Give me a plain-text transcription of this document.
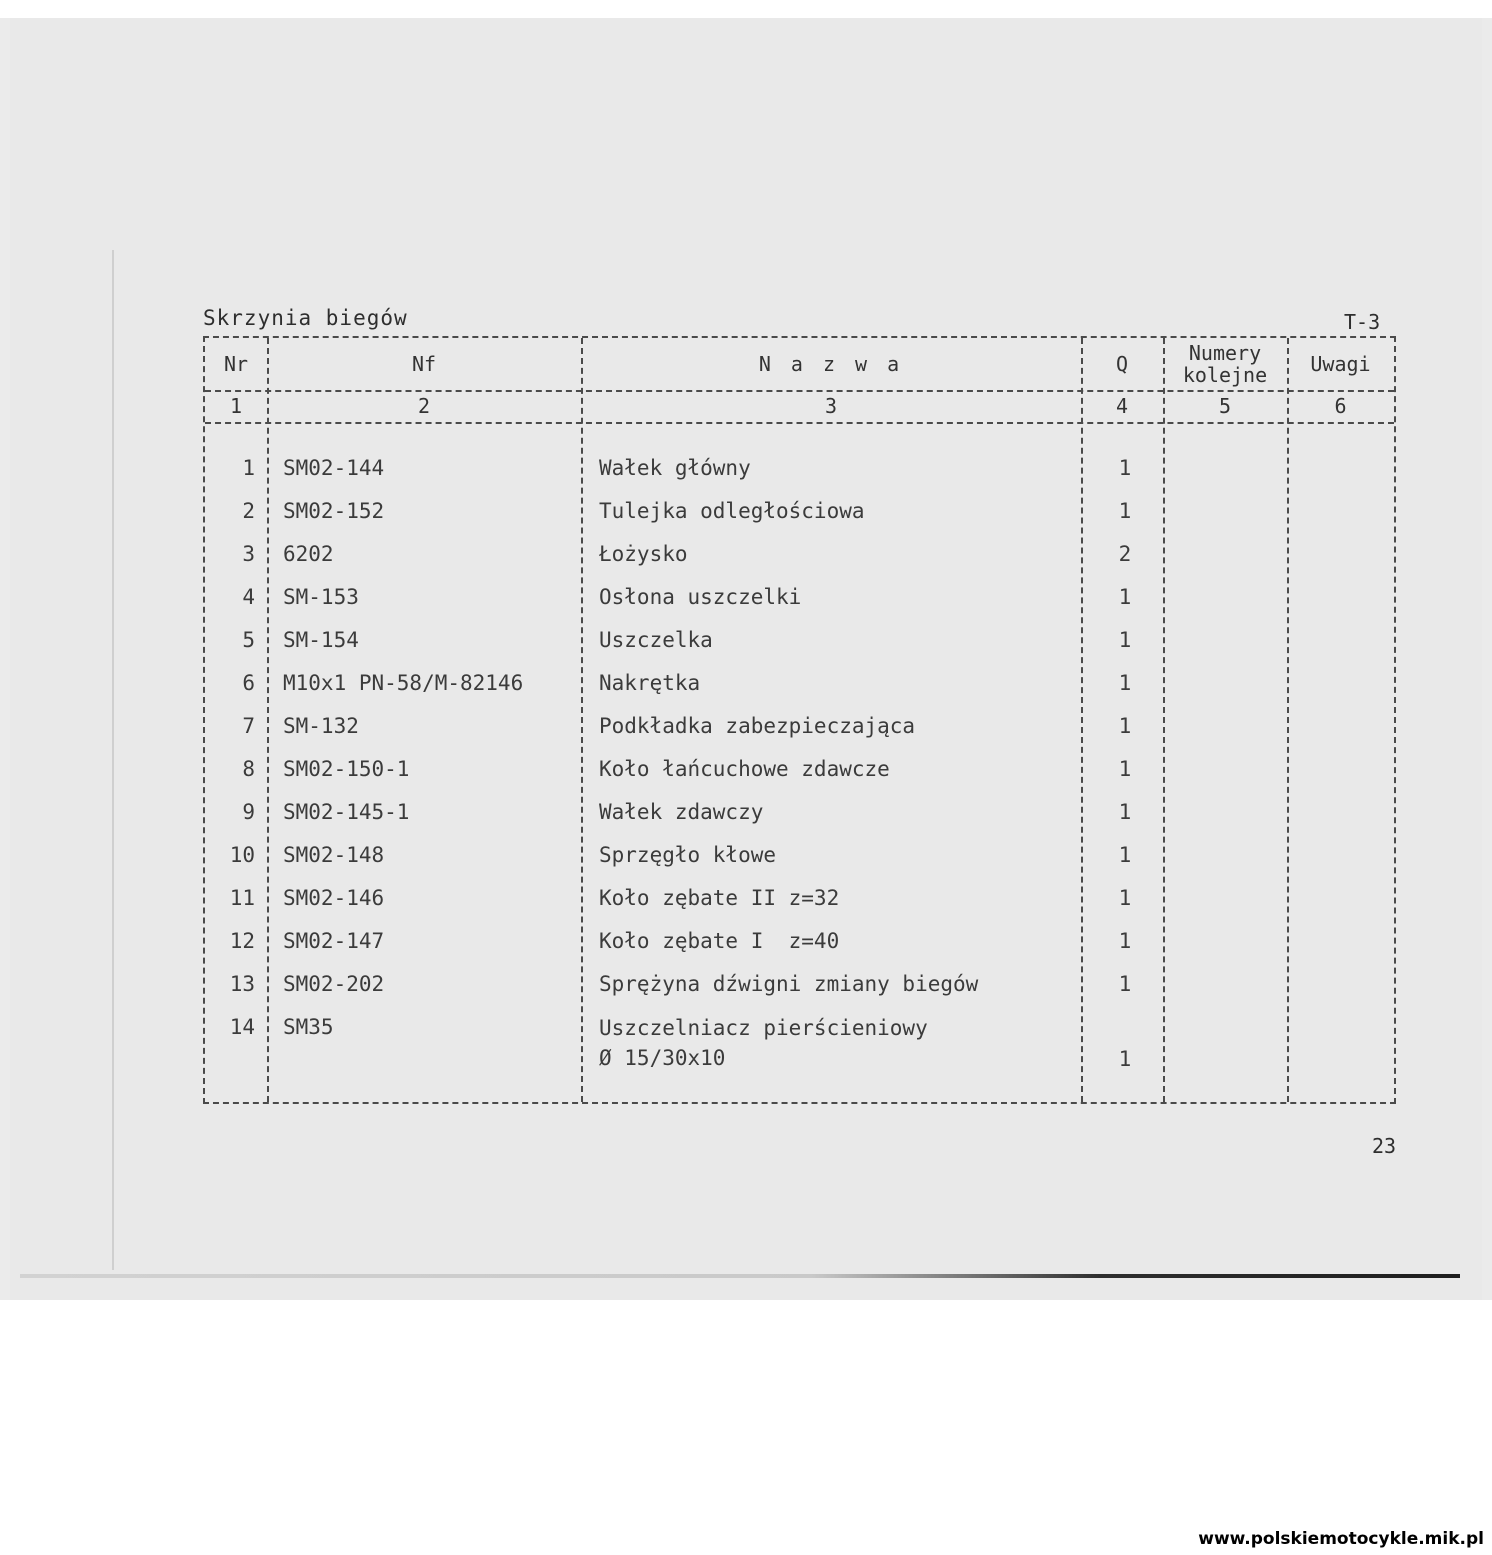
Skrzynia biegów	T-3
Nr	Nf	N a z w a	Q	Numery kolejne	Uwagi
1	2	3	4	5	6
1 SM02-144	Wałek główny	1
2 SM02-152	Tulejka odległościowa	1
3 6202	Łożysko	2
4 SM-153	Osłona uszczelki	1
5 SM-154	Uszczelka	1
6 M10x1 PN-58/M-82146	Nakrętka	1
7 SM-132	Podkładka zabezpieczająca	1
8 SM02-150-1	Koło łańcuchowe zdawcze	1
9 SM02-145-1	Wałek zdawczy	1
10 SM02-148	Sprzęgło kłowe	1
11 SM02-146	Koło zębate II z=32	1
12 SM02-147	Koło zębate I  z=40	1
13 SM02-202	Sprężyna dźwigni zmiany biegów	1
14 SM35	Uszczelniacz pierścieniowy
Ø 15/30x10	1
23
www.polskiemotocykle.mik.pl
